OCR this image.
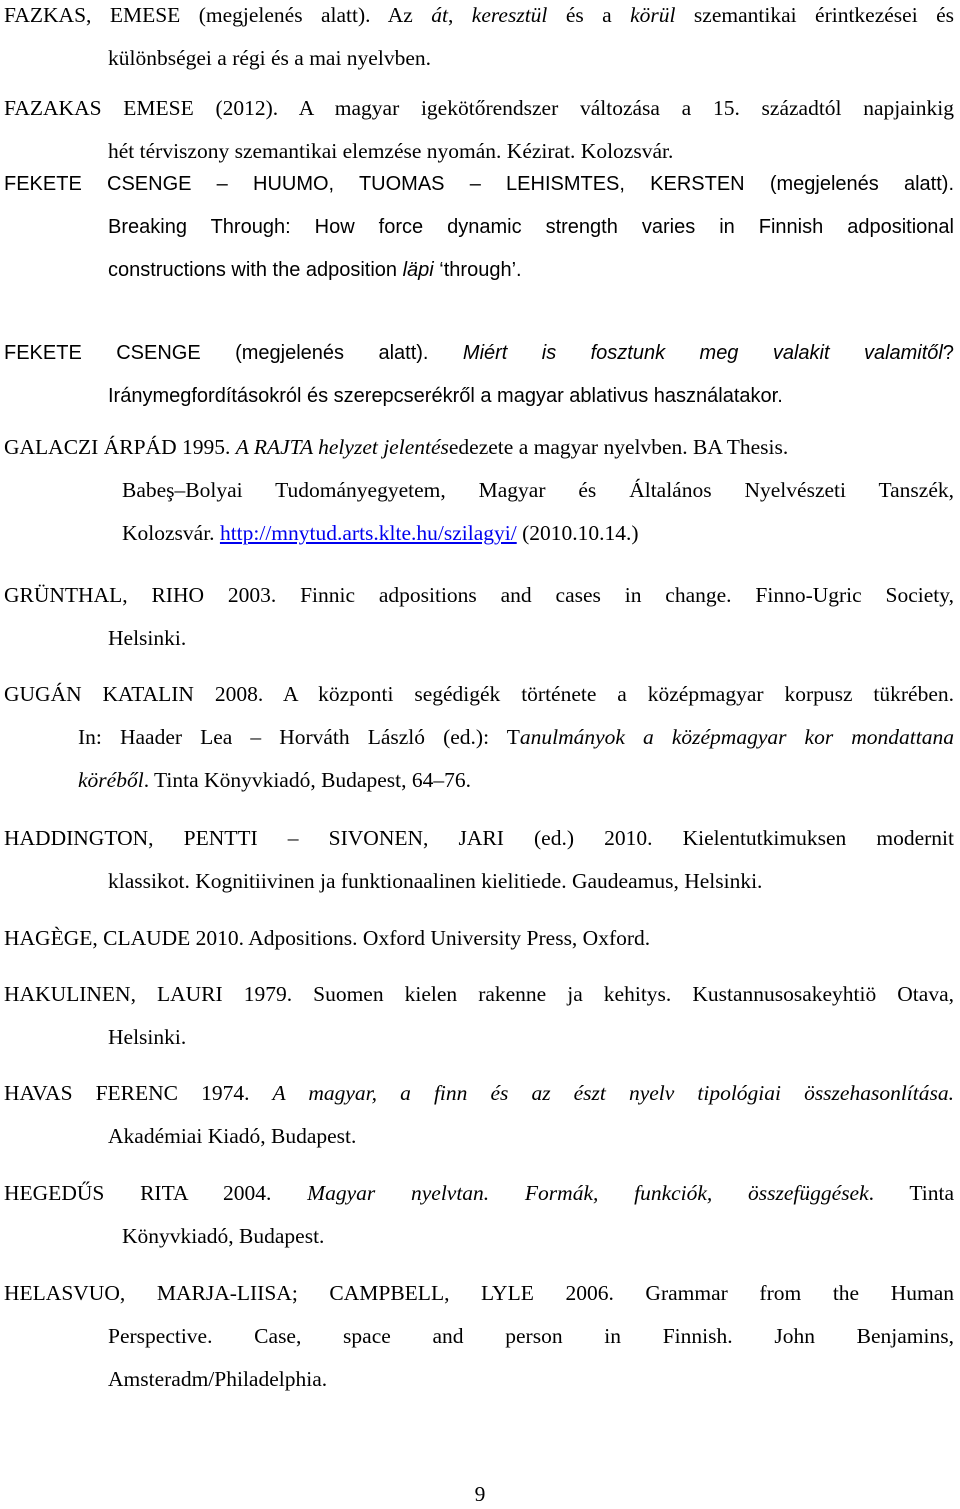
FAZKAS, EMESE (megjelenés alatt). Az át, keresztül és a körül szemantikai érintkezései és
különbségei a régi és a mai nyelvben.
FAZAKAS EMESE (2012). A magyar igekötőrendszer változása a 15. századtól napjainkig
hét térviszony szemantikai elemzése nyomán. Kézirat. Kolozsvár.
FEKETE CSENGE – HUUMO, TUOMAS – LEHISMTES, KERSTEN (megjelenés alatt).
Breaking Through: How force dynamic strength varies in Finnish adpositional
constructions with the adposition läpi ‘through’.
FEKETE CSENGE (megjelenés alatt). Miért is fosztunk meg valakit valamitől?
Iránymegfordításokról és szerepcserékről a magyar ablativus használatakor.
GALACZI ÁRPÁD 1995. A RAJTA helyzet jelentésedezete a magyar nyelvben. BA Thesis.
Babeş–Bolyai Tudományegyetem, Magyar és Általános Nyelvészeti Tanszék,
Kolozsvár. http://mnytud.arts.klte.hu/szilagyi/ (2010.10.14.)
GRÜNTHAL, RIHO 2003. Finnic adpositions and cases in change. Finno-Ugric Society,
Helsinki.
GUGÁN KATALIN 2008. A központi segédigék története a középmagyar korpusz tükrében.
In: Haader Lea – Horváth László (ed.): Tanulmányok a középmagyar kor mondattana
köréből. Tinta Könyvkiadó, Budapest, 64–76.
HADDINGTON, PENTTI – SIVONEN, JARI (ed.) 2010. Kielentutkimuksen modernit
klassikot. Kognitiivinen ja funktionaalinen kielitiede. Gaudeamus, Helsinki.
HAGÈGE, CLAUDE 2010. Adpositions. Oxford University Press, Oxford.
HAKULINEN, LAURI 1979. Suomen kielen rakenne ja kehitys. Kustannusosakeyhtiö Otava,
Helsinki.
HAVAS FERENC 1974. A magyar, a finn és az észt nyelv tipológiai összehasonlítása.
Akadémiai Kiadó, Budapest.
HEGEDŰS RITA 2004. Magyar nyelvtan. Formák, funkciók, összefüggések. Tinta
Könyvkiadó, Budapest.
HELASVUO, MARJA-LIISA; CAMPBELL, LYLE 2006. Grammar from the Human
Perspective. Case, space and person in Finnish. John Benjamins,
Amsteradm/Philadelphia.
9
